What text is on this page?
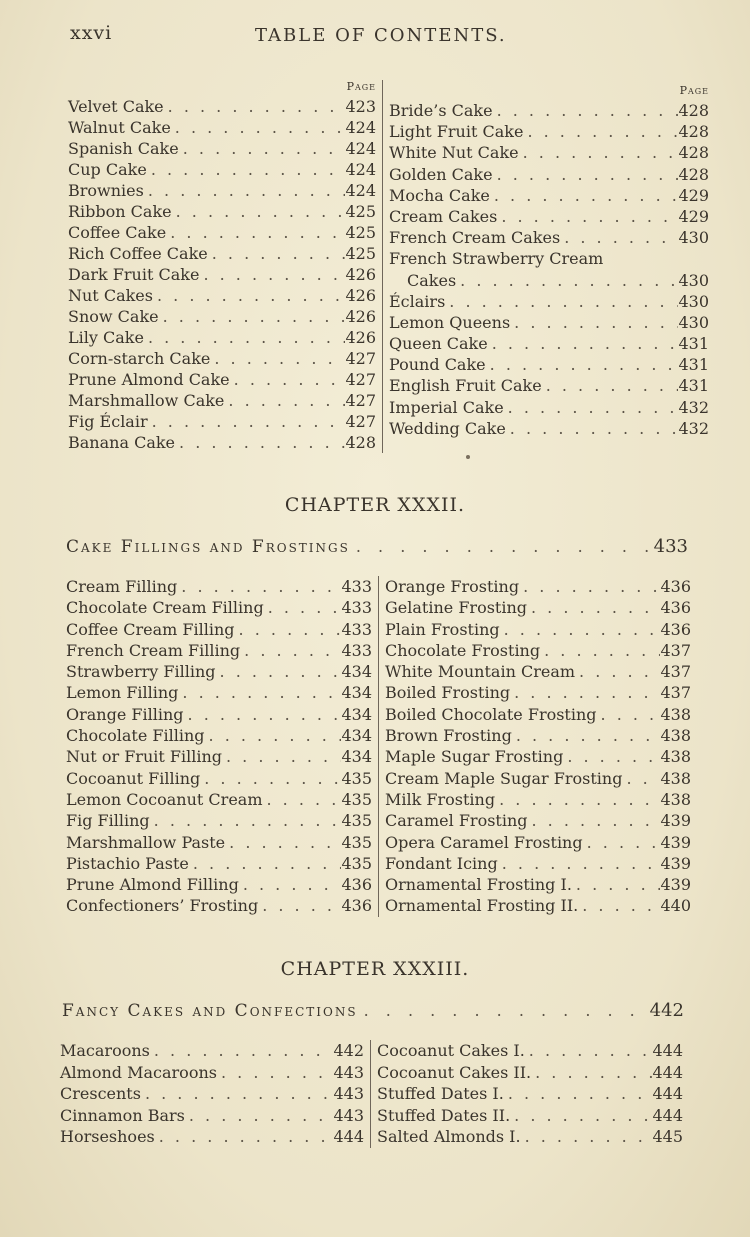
xxvi	TABLE OF CONTENTS.
Page
Velvet Cake . . .	423
Walnut Cake . . .	424
Spanish Cake . . .	424
Cup Cake . . .	424
Brownies . . .	424
Ribbon Cake . . .	425
Coffee Cake . . .	425
Rich Coffee Cake . . .	425
Dark Fruit Cake . . .	426
Nut Cakes . . .	426
Snow Cake . . .	426
Lily Cake . . .	426
Corn-starch Cake . . .	427
Prune Almond Cake . . .	427
Marshmallow Cake . . .	427
Fig Éclair . . .	427
Banana Cake . . .	428
Page
Bride’s Cake . . .	428
Light Fruit Cake . . .	428
White Nut Cake . . .	428
Golden Cake . . .	428
Mocha Cake . . .	429
Cream Cakes . . .	429
French Cream Cakes . . .	430
French Strawberry Cream
Cakes . . .	430
Éclairs . . .	430
Lemon Queens . . .	430
Queen Cake . . .	431
Pound Cake . . .	431
English Fruit Cake . . .	431
Imperial Cake . . .	432
Wedding Cake . . .	432
CHAPTER XXXII.
Cake Fillings and Frostings . . .	433
Cream Filling . . .	433
Chocolate Cream Filling . . .	433
Coffee Cream Filling . . .	433
French Cream Filling . . .	433
Strawberry Filling . . .	434
Lemon Filling . . .	434
Orange Filling . . .	434
Chocolate Filling . . .	434
Nut or Fruit Filling . . .	434
Cocoanut Filling . . .	435
Lemon Cocoanut Cream . . .	435
Fig Filling . . .	435
Marshmallow Paste . . .	435
Pistachio Paste . . .	435
Prune Almond Filling . . .	436
Confectioners’ Frosting . . .	436
Orange Frosting . . .	436
Gelatine Frosting . . .	436
Plain Frosting . . .	436
Chocolate Frosting . . .	437
White Mountain Cream . . .	437
Boiled Frosting . . .	437
Boiled Chocolate Frosting . . .	438
Brown Frosting . . .	438
Maple Sugar Frosting . . .	438
Cream Maple Sugar Frosting . . . 438
Milk Frosting . . .	438
Caramel Frosting . . .	439
Opera Caramel Frosting . . .	439
Fondant Icing . . .	439
Ornamental Frosting I. . . .	439
Ornamental Frosting II. . . .	440
CHAPTER XXXIII.
Fancy Cakes and Confections . . .	442
Macaroons . . .	442
Almond Macaroons . . .	443
Crescents . . .	443
Cinnamon Bars . . .	443
Horseshoes . . .	444
Cocoanut Cakes I. . . .	444
Cocoanut Cakes II. . . .	444
Stuffed Dates I. . . .	444
Stuffed Dates II. . . .	444
Salted Almonds I. . . .	445
